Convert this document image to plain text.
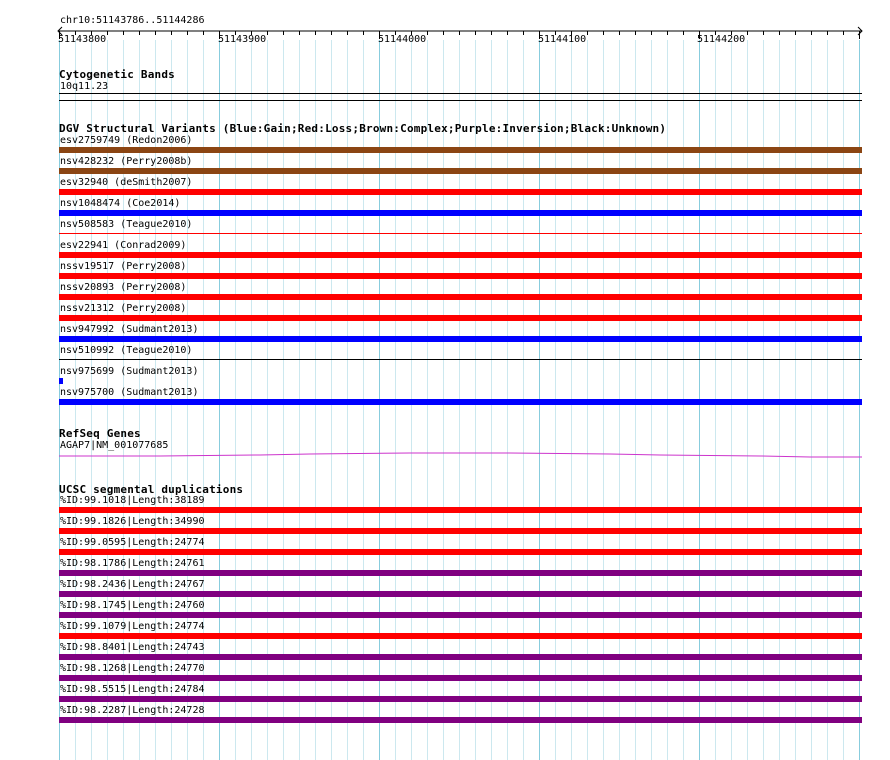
chr10:51143786..51144286
51143800	51143900	51144000	51144100	51144200
Cytogenetic Bands
10q11.23
DGV Structural Variants (Blue:Gain;Red:Loss;Brown:Complex;Purple:Inversion;Black:Unknown)
esv2759749 (Redon2006)
nsv428232 (Perry2008b)
esv32940 (deSmith2007)
nsv1048474 (Coe2014)
nsv508583 (Teague2010)
esv22941 (Conrad2009)
nssv19517 (Perry2008)
nssv20893 (Perry2008)
nssv21312 (Perry2008)
nsv947992 (Sudmant2013)
nsv510992 (Teague2010)
nsv975699 (Sudmant2013)
nsv975700 (Sudmant2013)
RefSeq Genes
AGAP7|NM_001077685
UCSC segmental duplications
%ID:99.1018|Length:38189
%ID:99.1826|Length:34990
%ID:99.0595|Length:24774
%ID:98.1786|Length:24761
%ID:98.2436|Length:24767
%ID:98.1745|Length:24760
%ID:99.1079|Length:24774
%ID:98.8401|Length:24743
%ID:98.1268|Length:24770
%ID:98.5515|Length:24784
%ID:98.2287|Length:24728
